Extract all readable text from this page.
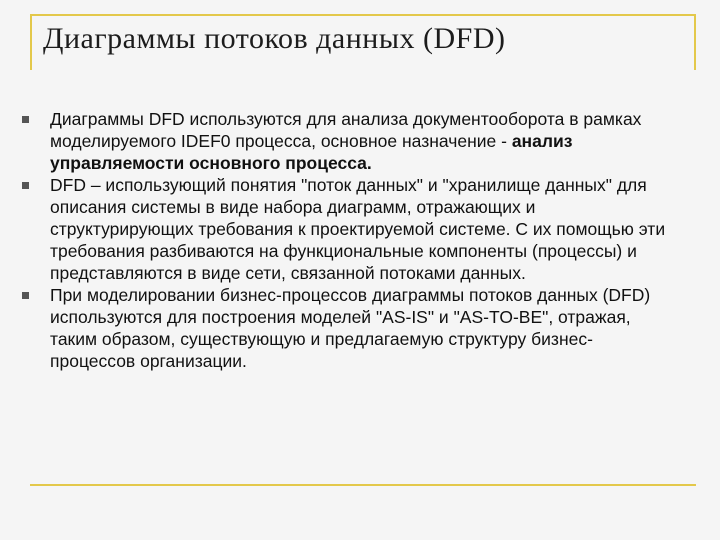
Диаграммы потоков данных (DFD)
Диаграммы DFD используются для анализа документооборота в рамках моделируемого IDEF0 процесса, основное назначение - анализ управляемости основного процесса.
DFD – использующий понятия "поток данных" и "хранилище данных" для описания системы в виде набора диаграмм, отражающих и структурирующих требования к проектируемой системе. С их помощью эти требования разбиваются на функциональные компоненты (процессы) и представляются в виде сети, связанной потоками данных.
При моделировании бизнес-процессов диаграммы потоков данных (DFD) используются для построения моделей "AS-IS" и "AS-TO-BE", отражая, таким образом, существующую и предлагаемую структуру бизнес-процессов организации.
